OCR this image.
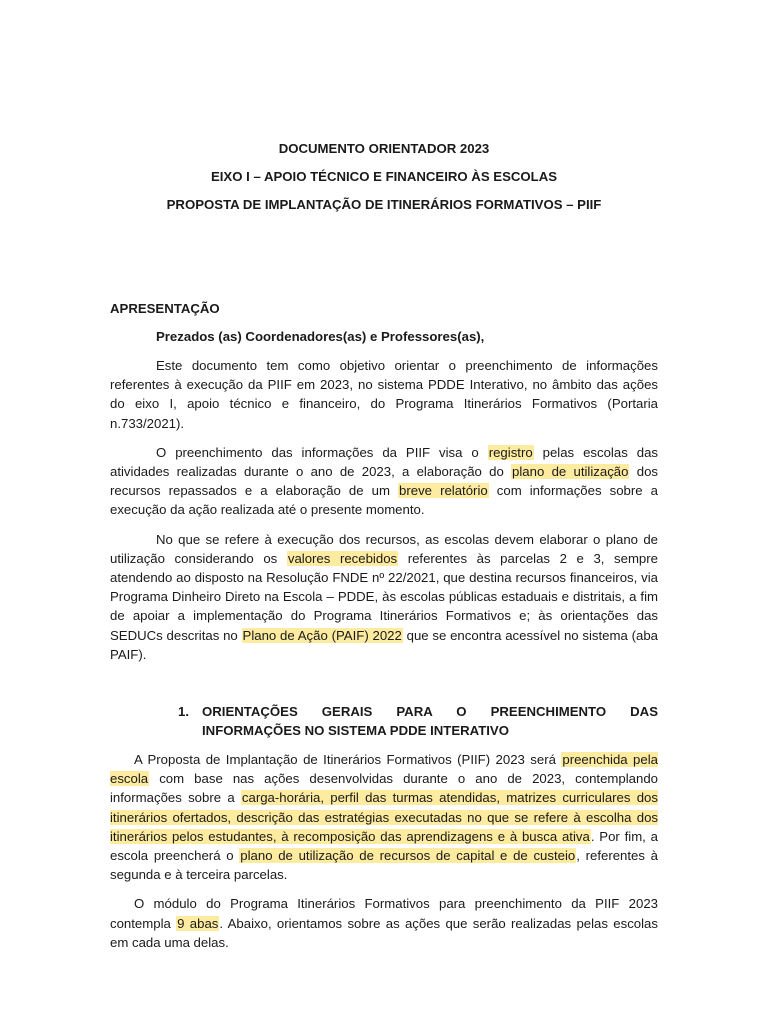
DOCUMENTO ORIENTADOR 2023

EIXO I – APOIO TÉCNICO E FINANCEIRO ÀS ESCOLAS

PROPOSTA DE IMPLANTAÇÃO DE ITINERÁRIOS FORMATIVOS – PIIF

APRESENTAÇÃO

Prezados (as) Coordenadores(as) e Professores(as),

Este documento tem como objetivo orientar o preenchimento de informações referentes à execução da PIIF em 2023, no sistema PDDE Interativo, no âmbito das ações do eixo I, apoio técnico e financeiro, do Programa Itinerários Formativos (Portaria n.733/2021).

O preenchimento das informações da PIIF visa o registro pelas escolas das atividades realizadas durante o ano de 2023, a elaboração do plano de utilização dos recursos repassados e a elaboração de um breve relatório com informações sobre a execução da ação realizada até o presente momento.

No que se refere à execução dos recursos, as escolas devem elaborar o plano de utilização considerando os valores recebidos referentes às parcelas 2 e 3, sempre atendendo ao disposto na Resolução FNDE nº 22/2021, que destina recursos financeiros, via Programa Dinheiro Direto na Escola – PDDE, às escolas públicas estaduais e distritais, a fim de apoiar a implementação do Programa Itinerários Formativos e; às orientações das SEDUCs descritas no Plano de Ação (PAIF) 2022 que se encontra acessível no sistema (aba PAIF).

1. ORIENTAÇÕES GERAIS PARA O PREENCHIMENTO DAS INFORMAÇÕES NO SISTEMA PDDE INTERATIVO

A Proposta de Implantação de Itinerários Formativos (PIIF) 2023 será preenchida pela escola com base nas ações desenvolvidas durante o ano de 2023, contemplando informações sobre a carga-horária, perfil das turmas atendidas, matrizes curriculares dos itinerários ofertados, descrição das estratégias executadas no que se refere à escolha dos itinerários pelos estudantes, à recomposição das aprendizagens e à busca ativa. Por fim, a escola preencherá o plano de utilização de recursos de capital e de custeio, referentes à segunda e à terceira parcelas.

O módulo do Programa Itinerários Formativos para preenchimento da PIIF 2023 contempla 9 abas. Abaixo, orientamos sobre as ações que serão realizadas pelas escolas em cada uma delas.
